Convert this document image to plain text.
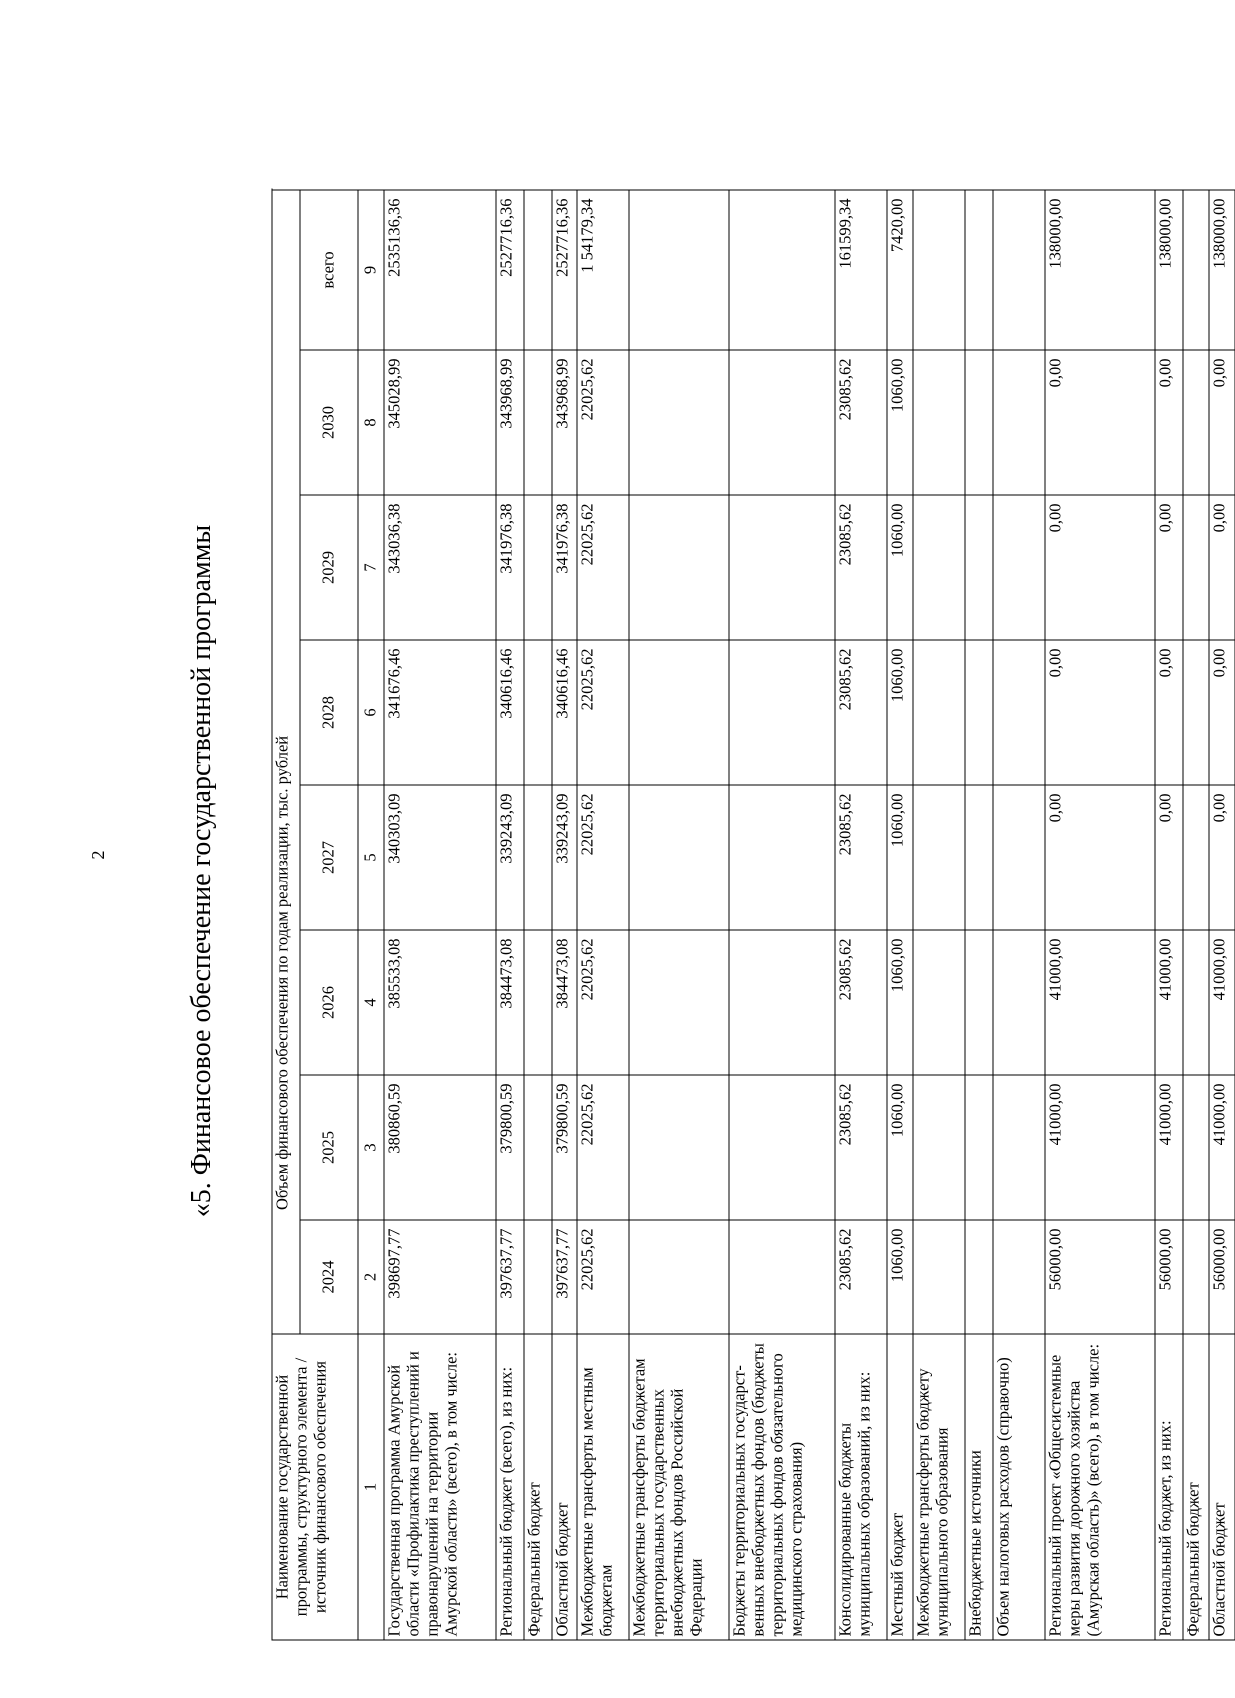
2	«5. Финансовое обеспечение государственной программы
Наименование государственной программы, структурного элемента / источник финансового обеспечения		Объем финансового обеспечения по годам реализации, тыс. рублей							
	2024	2025	2026	2027	2028	2029	2030	всего	
1	2	3	4	5	6	7	8	9	
Государственная программа Амурской области «Профилактика преступлений и правонарушений на территории Амурской области» (всего), в том числе:	398697,77	380860,59	385533,08	340303,09	341676,46	343036,38	345028,99	2535136,36	
Региональный бюджет (всего), из них:	397637,77	379800,59	384473,08	339243,09	340616,46	341976,38	343968,99	2527716,36	
Федеральный бюджет									
Областной бюджет	397637,77	379800,59	384473,08	339243,09	340616,46	341976,38	343968,99	2527716,36	
Межбюджетные трансферты местным бюджетам	22025,62	22025,62	22025,62	22025,62	22025,62	22025,62	22025,62	1 54179,34	
Межбюджетные трансферты бюджетам территориальных государственных внебюджетных фондов Российской Федерации									
Бюджеты территориальных государст-венных внебюджетных фондов (бюджеты территориальных фондов обязательного медицинского страхования)									
Консолидированные бюджеты муниципальных образований, из них:	23085,62	23085,62	23085,62	23085,62	23085,62	23085,62	23085,62	161599,34	
Местный бюджет	1060,00	1060,00	1060,00	1060,00	1060,00	1060,00	1060,00	7420,00	
Межбюджетные трансферты бюджету муниципального образования									
Внебюджетные источники									
Объем налоговых расходов (справочно)									
Региональный проект «Общесистемные меры развития дорожного хозяйства (Амурская область)» (всего), в том числе:	56000,00	41000,00	41000,00	0,00	0,00	0,00	0,00	138000,00	
Региональный бюджет, из них:	56000,00	41000,00	41000,00	0,00	0,00	0,00	0,00	138000,00	
Федеральный бюджет									
Областной бюджет	56000,00	41000,00	41000,00	0,00	0,00	0,00	0,00	138000,00	
